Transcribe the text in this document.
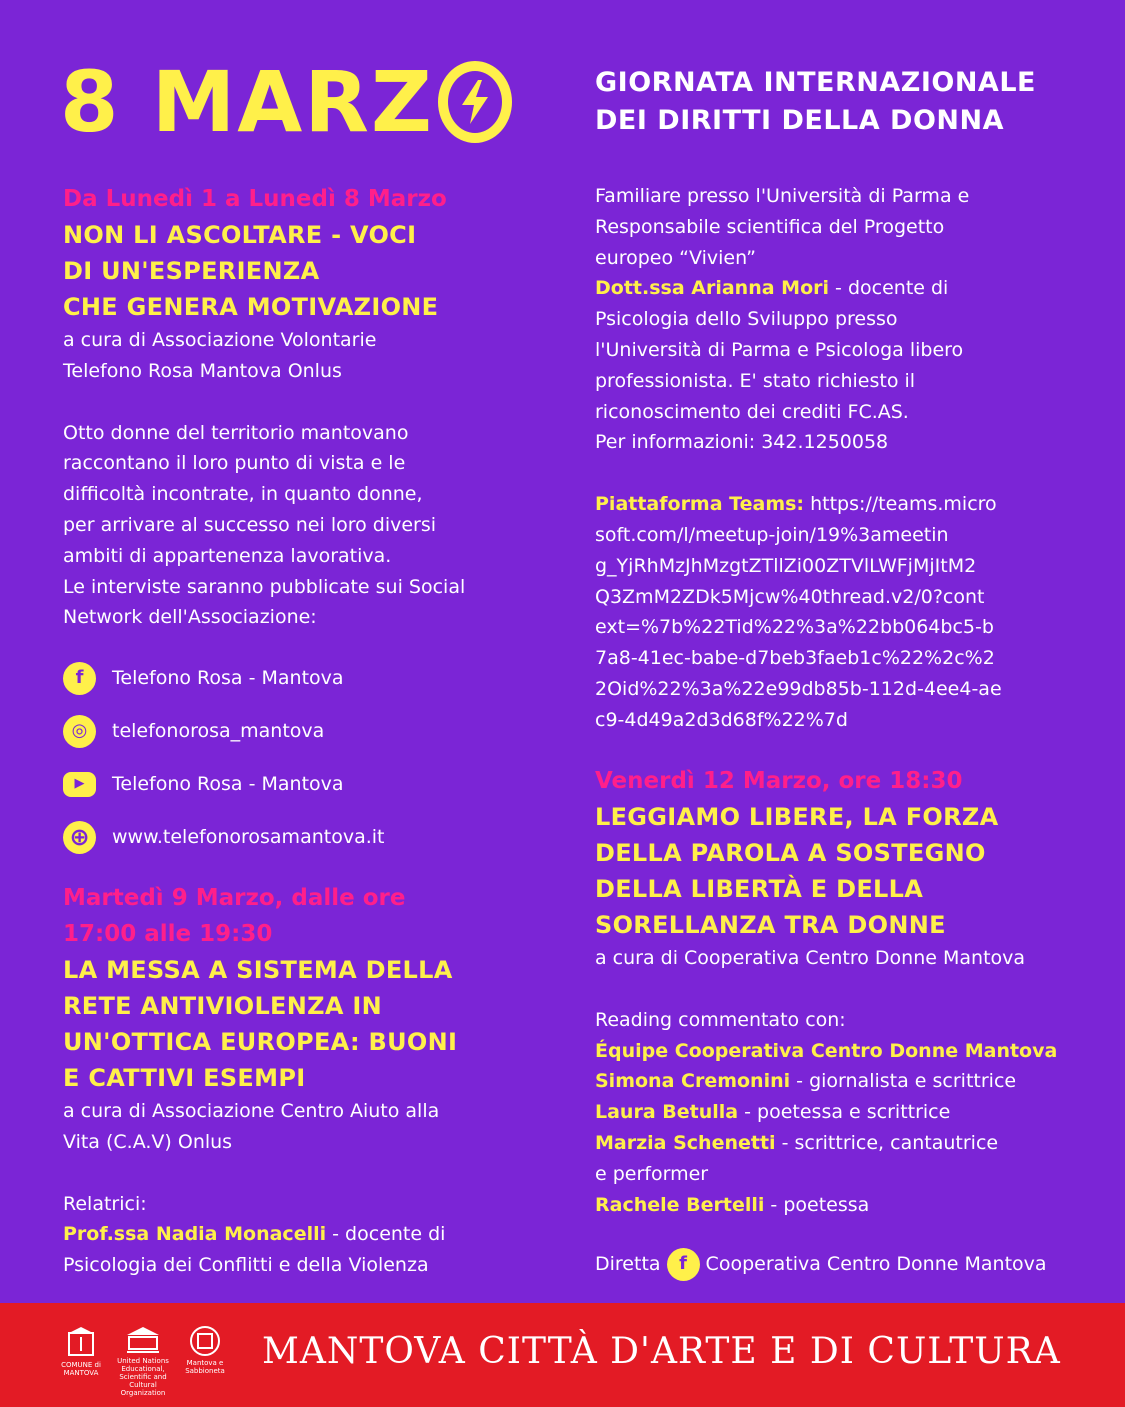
8 MARZ	GIORNATA INTERNAZIONALE
DEI DIRITTI DELLA DONNA
Da Lunedì 1 a Lunedì 8 Marzo
NON LI ASCOLTARE - VOCI
DI UN'ESPERIENZA
CHE GENERA MOTIVAZIONE
a cura di Associazione Volontarie
Telefono Rosa Mantova Onlus
Otto donne del territorio mantovano
raccontano il loro punto di vista e le
difficoltà incontrate, in quanto donne,
per arrivare al successo nei loro diversi
ambiti di appartenenza lavorativa.
Le interviste saranno pubblicate sui Social
Network dell'Associazione:
f	Telefono Rosa - Mantova
◎	telefonorosa_mantova
▶	Telefono Rosa - Mantova
⊕	www.telefonorosamantova.it
Martedì 9 Marzo, dalle ore
17:00 alle 19:30
LA MESSA A SISTEMA DELLA
RETE ANTIVIOLENZA IN
UN'OTTICA EUROPEA: BUONI
E CATTIVI ESEMPI
a cura di Associazione Centro Aiuto alla
Vita (C.A.V) Onlus
Relatrici:
Prof.ssa Nadia Monacelli - docente di
Psicologia dei Conflitti e della Violenza
Familiare presso l'Università di Parma e
Responsabile scientifica del Progetto
europeo “Vivien”
Dott.ssa Arianna Mori - docente di
Psicologia dello Sviluppo presso
l'Università di Parma e Psicologa libero
professionista. E' stato richiesto il
riconoscimento dei crediti FC.AS.
Per informazioni: 342.1250058
Piattaforma Teams: https://teams.micro
soft.com/l/meetup-join/19%3ameetin
g_YjRhMzJhMzgtZTllZi00ZTVlLWFjMjItM2
Q3ZmM2ZDk5Mjcw%40thread.v2/0?cont
ext=%7b%22Tid%22%3a%22bb064bc5-b
7a8-41ec-babe-d7beb3faeb1c%22%2c%2
2Oid%22%3a%22e99db85b-112d-4ee4-ae
c9-4d49a2d3d68f%22%7d
Venerdì 12 Marzo, ore 18:30
LEGGIAMO LIBERE, LA FORZA
DELLA PAROLA A SOSTEGNO
DELLA LIBERTÀ E DELLA
SORELLANZA TRA DONNE
a cura di Cooperativa Centro Donne Mantova
Reading commentato con:
Équipe Cooperativa Centro Donne Mantova
Simona Cremonini - giornalista e scrittrice
Laura Betulla - poetessa e scrittrice
Marzia Schenetti - scrittrice, cantautrice
e performer
Rachele Bertelli - poetessa
Diretta	f Cooperativa Centro Donne Mantova
COMUNE di MANTOVA
United Nations Educational, Scientific and Cultural Organization
Mantova e Sabbioneta	MANTOVA CITTÀ D'ARTE E DI CULTURA
